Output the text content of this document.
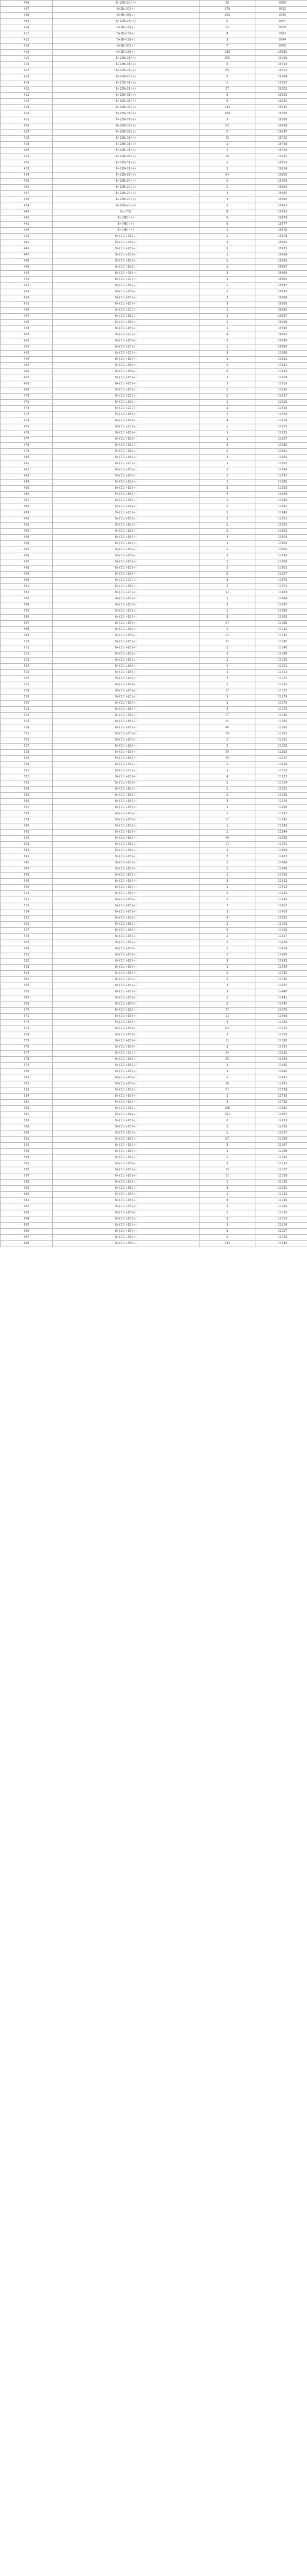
406	B+12B+2C(+)	18	8588
407	B+2B+2C(+)	178	8635
408	B+4B+2B(+)	159	8746
409	B+12B+2B(+)	6	8807
410	B+1B+1B(+)	33	8838
411	B+1B+1B(+)	4	9043
412	B+1B+1B(+)	3	9044
413	B+1B+2C(+)	7	9045
414	B+1B+1B(+)	135	10086
415	B+12B+2B(+)	266	10198
416	B+12B+1B(+)	9	10199
417	B+12B+1B(+)	89	10297
418	B+12B+2C(+)	3	10304
419	B+12B+1B(+)	1	10305
420	B+12B+2B(+)	17	10322
421	B+12B+1B(+)	3	10323
422	B+12B+1B(+)	3	10326
423	B+12B+1B(+)	114	10440
424	B+12B+1B(+)	143	10583
425	B+12B+1B(+)	3	10586
426	B+12B+1B(+)	83	10664
427	B+12B+1B(+)	5	10697
428	B+12B+1B(+)	19	10716
429	B+12B+1B(+)	1	10738
430	B+12B+1B(+)	1	10739
431	B+11B+1B(+)	28	10747
432	B+11B+1B(+)	5	10813
433	B+11B+1B(+)	1	10814
434	B+11B+2B(+)	94	10893
435	B+12B+2C(+)	1	10903
436	B+12B+2C(+)	1	10904
437	B+12B+2C(+)	1	10905
438	B+12B+2C(+)	3	10966
439	B+12B+2C(+)	1	10967
440	B+(7B)	4	10983
441	B+(4B)(+)	9	10974
442	B+(4B)(+)	6	10977
443	B+(4B)(+)	1	10978
444	B+(11)+1B(+)	1	10978
445	B+(11)+2B(+)	3	10982
446	B+(11)+1B(+)	3	10983
447	B+(11)+1B(+)	1	10984
448	B+(11)+1B(+)	1	10986
449	B+(11)+1B(+)	1	10987
450	B+(11)+2B(+)	2	10989
451	B+(11)+2C(+)	1	10991
452	B+(11)+1B(+)	1	10992
453	B+(11)+1B(+)	1	10993
454	B+(11)+1B(+)	3	10994
455	B+(11)+1B(+)	3	10995
456	B+(11)+2C(+)	1	10996
457	B+(11)+1B(+)	1	10997
458	B+(11)+1B(+)	1	10998
459	B+(11)+1B(+)	1	10999
460	B+(11)+2C(+)	4	10997
461	B+(11)+1B(+)	3	10998
462	B+(11)+2C(+)	1	10999
463	B+(11)+2C(+)	3	11000
464	B+(11)+1B(+)	1	11011
465	B+(11)+1B(+)	1	11012
466	B+(11)+1B(+)	3	11013
467	B+(11)+1B(+)	1	11014
468	B+(11)+1B(+)	1	11015
469	B+(11)+1B(+)	1	11016
470	B+(11)+2C(+)	1	11017
471	B+(11)+1B(+)	1	11018
472	B+(11)+2C(+)	1	11019
473	B+(11)+1B(+)	1	11020
474	B+(11)+1B(+)	4	11024
475	B+(11)+2C(+)	1	11025
476	B+(11)+1B(+)	1	11026
477	B+(11)+1B(+)	1	11027
478	B+(11)+1B(+)	3	11030
479	B+(11)+1B(+)	1	11031
480	B+(11)+1B(+)	1	11032
481	B+(11)+2C(+)	1	11033
482	B+(11)+1B(+)	1	11034
483	B+(11)+1B(+)	1	11035
484	B+(11)+1B(+)	1	11036
485	B+(11)+1B(+)	3	11039
486	B+(11)+1B(+)	4	11043
487	B+(11)+1B(+)	1	11044
488	B+(11)+1B(+)	3	11047
489	B+(11)+1B(+)	1	11048
490	B+(11)+1B(+)	3	11051
491	B+(11)+1B(+)	1	11052
492	B+(11)+1B(+)	1	11053
493	B+(11)+1B(+)	1	11054
494	B+(11)+1B(+)	1	11055
495	B+(11)+1B(+)	1	11056
496	B+(11)+1B(+)	3	11059
497	B+(11)+1B(+)	1	11060
498	B+(11)+1B(+)	1	11061
499	B+(11)+1B(+)	6	11067
500	B+(11)+2C(+)	3	11070
501	B+(11)+1B(+)	1	11071
502	B+(11)+2C(+)	12	11083
503	B+(11)+1B(+)	1	11084
504	B+(11)+1B(+)	3	11087
505	B+(11)+1B(+)	1	11088
506	B+(11)+1B(+)	3	11091
507	B+(11)+1B(+)	17	11108
508	B+(11)+1B(+)	2	11110
509	B+(11)+1B(+)	23	11133
510	B+(11)+1B(+)	12	11145
511	B+(11)+1B(+)	1	11146
512	B+(11)+1B(+)	3	11149
513	B+(11)+1B(+)	1	11150
514	B+(11)+1B(+)	1	11151
515	B+(11)+1B(+)	1	11152
516	B+(11)+1B(+)	3	11155
517	B+(11)+1B(+)	1	11156
518	B+(11)+1B(+)	17	11173
519	B+(11)+2C(+)	1	11174
520	B+(11)+1B(+)	1	11175
521	B+(11)+1B(+)	4	11179
522	B+(11)+1B(+)	17	11196
523	B+(11)+1B(+)	6	11202
524	B+(11)+1B(+)	40	11242
525	B+(11)+2C(+)	19	11261
526	B+(11)+1B(+)	1	11262
527	B+(11)+1B(+)	1	11263
528	B+(11)+1B(+)	39	11302
529	B+(11)+1B(+)	15	11317
530	B+(11)+1B(+)	1	11318
531	B+(11)+2C(+)	1	11319
532	B+(11)+1B(+)	4	11323
533	B+(11)+1B(+)	1	11324
534	B+(11)+1B(+)	1	11325
535	B+(11)+1B(+)	1	11326
536	B+(11)+1B(+)	3	11329
537	B+(11)+1B(+)	1	11330
538	B+(11)+1B(+)	1	11331
539	B+(11)+1B(+)	11	11342
540	B+(11)+1B(+)	1	11343
541	B+(11)+1B(+)	1	11344
542	B+(11)+1B(+)	46	11390
543	B+(11)+1B(+)	11	11401
544	B+(11)+1B(+)	3	11404
545	B+(11)+1B(+)	3	11407
546	B+(11)+1B(+)	1	11408
547	B+(11)+1B(+)	1	11409
548	B+(11)+1B(+)	1	11410
549	B+(11)+1B(+)	3	11413
550	B+(11)+1B(+)	1	11414
551	B+(11)+1B(+)	1	11415
552	B+(11)+1B(+)	1	11416
553	B+(11)+1B(+)	1	11417
554	B+(11)+1B(+)	1	11418
555	B+(11)+1B(+)	4	11422
556	B+(11)+1B(+)	1	11423
557	B+(11)+1B(+)	3	11426
558	B+(11)+1B(+)	1	11427
559	B+(11)+1B(+)	1	11428
560	B+(11)+1B(+)	1	11429
561	B+(11)+1B(+)	1	11430
562	B+(11)+1B(+)	3	11433
563	B+(11)+1B(+)	1	11434
564	B+(11)+1B(+)	1	11435
565	B+(11)+2C(+)	1	11436
566	B+(11)+1B(+)	1	11437
567	B+(11)+1B(+)	3	11440
568	B+(11)+1B(+)	1	11441
569	B+(11)+1B(+)	1	11442
570	B+(11)+1B(+)	37	11479
571	B+(11)+1B(+)	11	11490
572	B+(11)+1B(+)	3	11493
573	B+(11)+1B(+)	83	11576
574	B+(11)+1B(+)	3	11579
575	B+(11)+1B(+)	11	11590
576	B+(11)+1B(+)	1	11591
577	B+(11)+2C(+)	24	11615
578	B+(11)+1B(+)	29	11644
579	B+(11)+1B(+)	1	11645
580	B+(11)+1B(+)	1	11646
581	B+(11)+1B(+)	1	11647
582	B+(11)+1B(+)	16	11663
583	B+(11)+1B(+)	71	11734
584	B+(11)+1B(+)	1	11735
585	B+(11)+1B(+)	3	11738
586	B+(11)+1B(+)	168	11906
587	B+(11)+1B(+)	101	12007
588	B+(11)+1B(+)	6	12013
589	B+(11)+1B(+)	3	12016
590	B+(11)+1B(+)	1	12017
591	B+(11)+1B(+)	87	12104
592	B+(11)+1B(+)	3	12107
593	B+(11)+1B(+)	1	12108
594	B+(11)+1B(+)	1	12109
595	B+(11)+1B(+)	3	12112
596	B+(11)+1B(+)	15	12127
597	B+(11)+1B(+)	11	12138
598	B+(11)+1B(+)	1	12139
599	B+(11)+1B(+)	3	12142
600	B+(11)+1B(+)	1	12143
601	B+(11)+1B(+)	3	12146
602	B+(11)+1B(+)	3	12149
603	B+(11)+1B(+)	1	12150
604	B+(11)+1B(+)	3	12153
605	B+(11)+1B(+)	1	12154
606	B+(11)+1B(+)	3	12157
607	B+(11)+1B(+)	1	12158
608	B+(11)+1B(+)	231	12389
